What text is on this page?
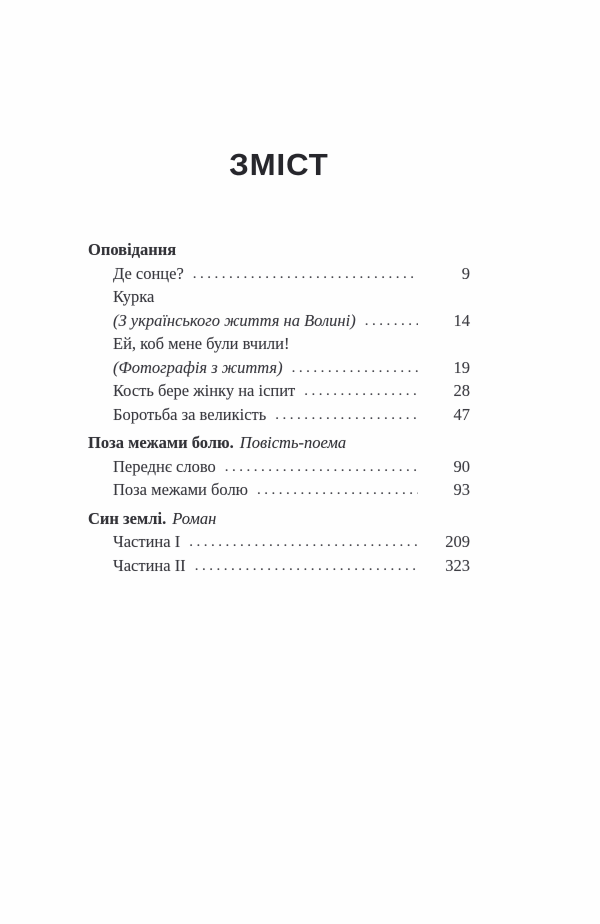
ЗМІСТ
Оповідання
Де сонце? .....	9
Курка
(З українського життя на Волині) .....	14
Ей, коб мене були вчили!
(Фотографія з життя) .....	19
Кость бере жінку на іспит .....	28
Боротьба за великість .....	47
Поза межами болю. Повість-поема
Переднє слово .....	90
Поза межами болю .....	93
Син землі. Роман
Частина I .....	209
Частина II .....	323
